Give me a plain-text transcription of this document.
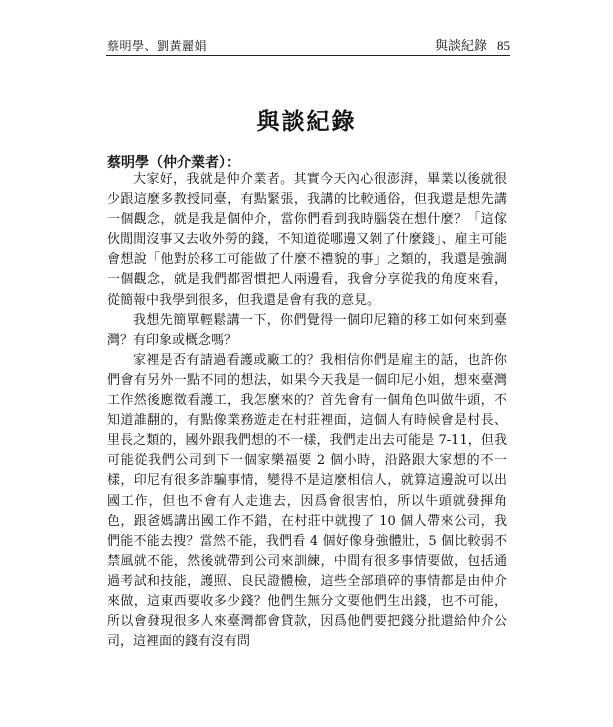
蔡明學、劉黃麗娟	與談紀錄 85
與談紀錄
蔡明學（仲介業者）：

大家好，我就是仲介業者。其實今天內心很澎湃，畢業以後就很少跟這麼多教授同臺，有點緊張，我講的比較通俗，但我還是想先講一個觀念，就是我是個仲介，當你們看到我時腦袋在想什麼？「這傢伙閒閒沒事又去收外勞的錢，不知道從哪邊又剝了什麼錢」、雇主可能會想說「他對於移工可能做了什麼不禮貌的事」之類的，我還是強調一個觀念，就是我們都習慣把人兩邊看，我會分享從我的角度來看，從簡報中我學到很多，但我還是會有我的意見。

我想先簡單輕鬆講一下，你們覺得一個印尼籍的移工如何來到臺灣？有印象或概念嗎？

家裡是否有請過看護或廠工的？我相信你們是雇主的話，也許你們會有另外一點不同的想法，如果今天我是一個印尼小姐，想來臺灣工作然後應徵看護工，我怎麼來的？首先會有一個角色叫做牛頭，不知道誰翻的，有點像業務遊走在村莊裡面，這個人有時候會是村長、里長之類的，國外跟我們想的不一樣，我們走出去可能是 7-11，但我可能從我們公司到下一個家樂福要 2 個小時，沿路跟大家想的不一樣，印尼有很多詐騙事情，變得不是這麼相信人，就算這邊說可以出國工作，但也不會有人走進去，因爲會很害怕，所以牛頭就發揮角色，跟爸媽講出國工作不錯，在村莊中就搜了 10 個人帶來公司，我們能不能去搜？當然不能，我們看 4 個好像身強體壯，5 個比較弱不禁風就不能，然後就帶到公司來訓練，中間有很多事情要做，包括通過考試和技能，護照、良民證體檢，這些全部瑣碎的事情都是由仲介來做，這東西要收多少錢？他們生無分文要他們生出錢，也不可能，所以會發現很多人來臺灣都會貸款，因爲他們要把錢分批還給仲介公司，這裡面的錢有沒有問
